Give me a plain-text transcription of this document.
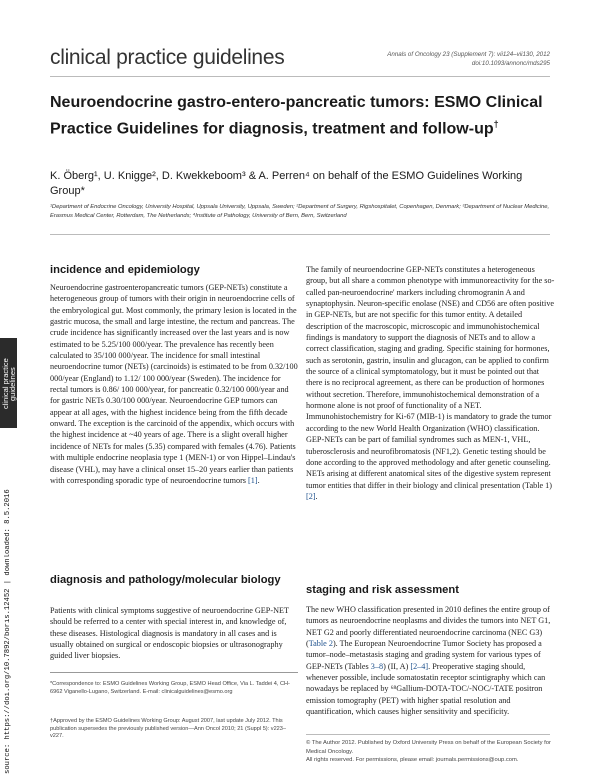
clinical practice guidelines	Annals of Oncology 23 (Supplement 7): vii124–vii130, 2012
doi:10.1093/annonc/mds295
Neuroendocrine gastro-entero-pancreatic tumors: ESMO Clinical Practice Guidelines for diagnosis, treatment and follow-up†
K. Öberg¹, U. Knigge², D. Kwekkeboom³ & A. Perren⁴ on behalf of the ESMO Guidelines Working Group*
¹Department of Endocrine Oncology, University Hospital, Uppsala University, Uppsala, Sweden; ²Department of Surgery, Rigshospitalet, Copenhagen, Denmark; ³Department of Nuclear Medicine, Erasmus Medical Center, Rotterdam, The Netherlands; ⁴Institute of Pathology, University of Bern, Bern, Switzerland
incidence and epidemiology

Neuroendocrine gastroenteropancreatic tumors (GEP-NETs) constitute a heterogeneous group of tumors with their origin in neuroendocrine cells of the embryological gut. Most commonly, the primary lesion is located in the gastric mucosa, the small and large intestine, the rectum and pancreas. The crude incidence has significantly increased over the last years and is now estimated to be 5.25/100 000/year. The prevalence has recently been calculated to 35/100 000/year. The incidence for small intestinal neuroendocrine tumor (NETs) (carcinoids) is estimated to be from 0.32/100 000/year (England) to 1.12/ 100 000/year (Sweden). The incidence for rectal tumors is 0.86/ 100 000/year, for pancreatic 0.32/100 000/year and for gastric NETs 0.30/100 000/year. Neuroendocrine GEP tumors can appear at all ages, with the highest incidence being from the fifth decade onward. The exception is the carcinoid of the appendix, which occurs with the highest incidence at ~40 years of age. There is a slight overall higher incidence of NETs for males (5.35) compared with females (4.76). Patients with multiple endocrine neoplasia type 1 (MEN-1) or von Hippel–Lindau's disease (VHL), may have a clinical onset 15–20 years earlier than patients with corresponding sporadic type of neuroendocrine tumors [1].

diagnosis and pathology/molecular biology

Patients with clinical symptoms suggestive of neuroendocrine GEP-NET should be referred to a center with special interest in, and knowledge of, these diseases. Histological diagnosis is mandatory in all cases and is usually obtained on surgical or endoscopic biopsies or ultrasonography guided liver biopsies.

*Correspondence to: ESMO Guidelines Working Group, ESMO Head Office, Via L. Taddei 4, CH-6962 Viganello-Lugano, Switzerland. E-mail: clinicalguidelines@esmo.org
†Approved by the ESMO Guidelines Working Group: August 2007, last update July 2012. This publication supersedes the previously published version—Ann Oncol 2010; 21 (Suppl 5): v223–v227.

The family of neuroendocrine GEP-NETs constitutes a heterogeneous group, but all share a common phenotype with immunoreactivity for the so-called pan-neuroendocrine' markers including chromogranin A and synaptophysin. Neuron-specific enolase (NSE) and CD56 are often positive in GEP-NETs, but are not specific for this tumor entity. A detailed description of the macroscopic, microscopic and immunohistochemical findings is mandatory to support the diagnosis of NETs and to allow a correct classification, staging and grading. Specific staining for hormones, such as serotonin, gastrin, insulin and glucagon, can be applied to confirm the source of a clinical symptomatology, but it must be pointed out that there is no reciprocal agreement, as there can be production of hormones without secretion. Therefore, immunohistochemical demonstration of a hormone alone is not proof of functionality of a NET. Immunohistochemistry for Ki-67 (MIB-1) is mandatory to grade the tumor according to the new World Health Organization (WHO) classification. GEP-NETs can be part of familial syndromes such as MEN-1, VHL, tuberosclerosis and neurofibromatosis (NF1,2). Genetic testing should be done according to the approved methodology and after genetic counseling. NETs arising at different anatomical sites of the digestive system represent tumor entities that differ in their biology and clinical presentation (Table 1) [2].

staging and risk assessment

The new WHO classification presented in 2010 defines the entire group of tumors as neuroendocrine neoplasms and divides the tumors into NET G1, NET G2 and poorly differentiated neuroendocrine carcinoma (NEC G3) (Table 2). The European Neuroendocrine Tumor Society has proposed a tumor–node–metastasis staging and grading system for various types of GEP-NETs (Tables 3–8) (II, A) [2–4]. Preoperative staging should, whenever possible, include somatostatin receptor scintigraphy which can nowadays be replaced by ⁶⁸Gallium-DOTA-TOC/-NOC/-TATE positron emission tomography (PET) with higher spatial resolution and quantification, which causes higher sensitivity and specificity.

© The Author 2012. Published by Oxford University Press on behalf of the European Society for Medical Oncology.
All rights reserved. For permissions, please email: journals.permissions@oup.com.
clinical practice guidelines
source: https://doi.org/10.7892/boris.12452 | downloaded: 8.5.2016
